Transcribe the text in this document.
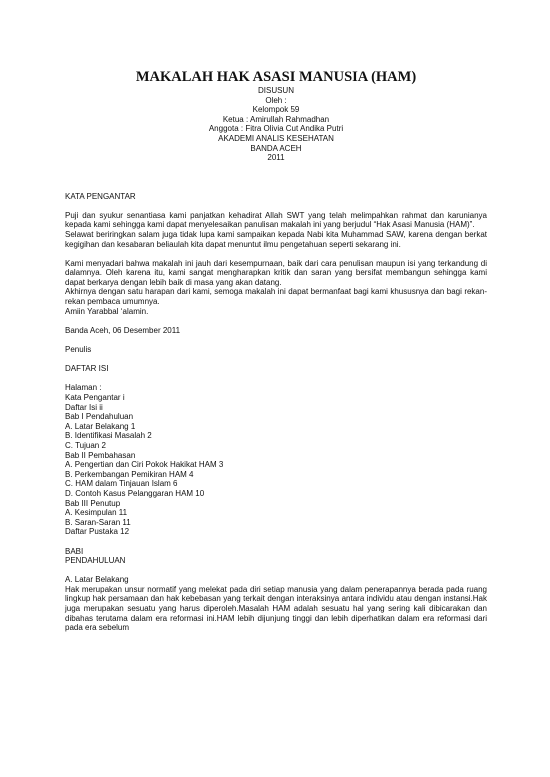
MAKALAH HAK ASASI MANUSIA (HAM)
DISUSUN
Oleh :
Kelompok 59
Ketua : Amirullah Rahmadhan
Anggota : Fitra Olivia Cut Andika Putri
AKADEMI ANALIS KESEHATAN
BANDA ACEH
2011
KATA PENGANTAR

Puji dan syukur senantiasa kami panjatkan kehadirat Allah SWT yang telah melimpahkan rahmat dan karunianya kepada kami sehingga kami dapat menyelesaikan panulisan makalah ini yang berjudul “Hak Asasi Manusia (HAM)”.

Selawat beriringkan salam juga tidak lupa kami sampaikan kepada Nabi kita Muhammad SAW, karena dengan berkat kegigihan dan kesabaran beliaulah kita dapat menuntut ilmu pengetahuan seperti sekarang ini.

Kami menyadari bahwa makalah ini jauh dari kesempurnaan, baik dari cara penulisan maupun isi yang terkandung di dalamnya. Oleh karena itu, kami sangat mengharapkan kritik dan saran yang bersifat membangun sehingga kami dapat berkarya dengan lebih baik di masa yang akan datang.

Akhirnya dengan satu harapan dari kami, semoga makalah ini dapat bermanfaat bagi kami khususnya dan bagi rekan-rekan pembaca umumnya.

Amiin Yarabbal ‘alamin.

Banda Aceh, 06 Desember 2011
Penulis
DAFTAR ISI
Halaman :
Kata Pengantar i
Daftar Isi ii
Bab I Pendahuluan
A. Latar Belakang 1
B. Identifikasi Masalah 2
C. Tujuan 2
Bab II Pembahasan
A. Pengertian dan Ciri Pokok Hakikat HAM 3
B. Perkembangan Pemikiran HAM 4
C. HAM dalam Tinjauan Islam 6
D. Contoh Kasus Pelanggaran HAM 10
Bab III Penutup
A. Kesimpulan 11
B. Saran-Saran 11
Daftar Pustaka 12
BABI
PENDAHULUAN
A. Latar Belakang

Hak merupakan unsur normatif yang melekat pada diri setiap manusia yang dalam penerapannya berada pada ruang lingkup hak persamaan dan hak kebebasan yang terkait dengan interaksinya antara individu atau dengan instansi.Hak juga merupakan sesuatu yang harus diperoleh.Masalah HAM adalah sesuatu hal yang sering kali dibicarakan dan dibahas terutama dalam era reformasi ini.HAM lebih dijunjung tinggi dan lebih diperhatikan dalam era reformasi dari pada era sebelum
